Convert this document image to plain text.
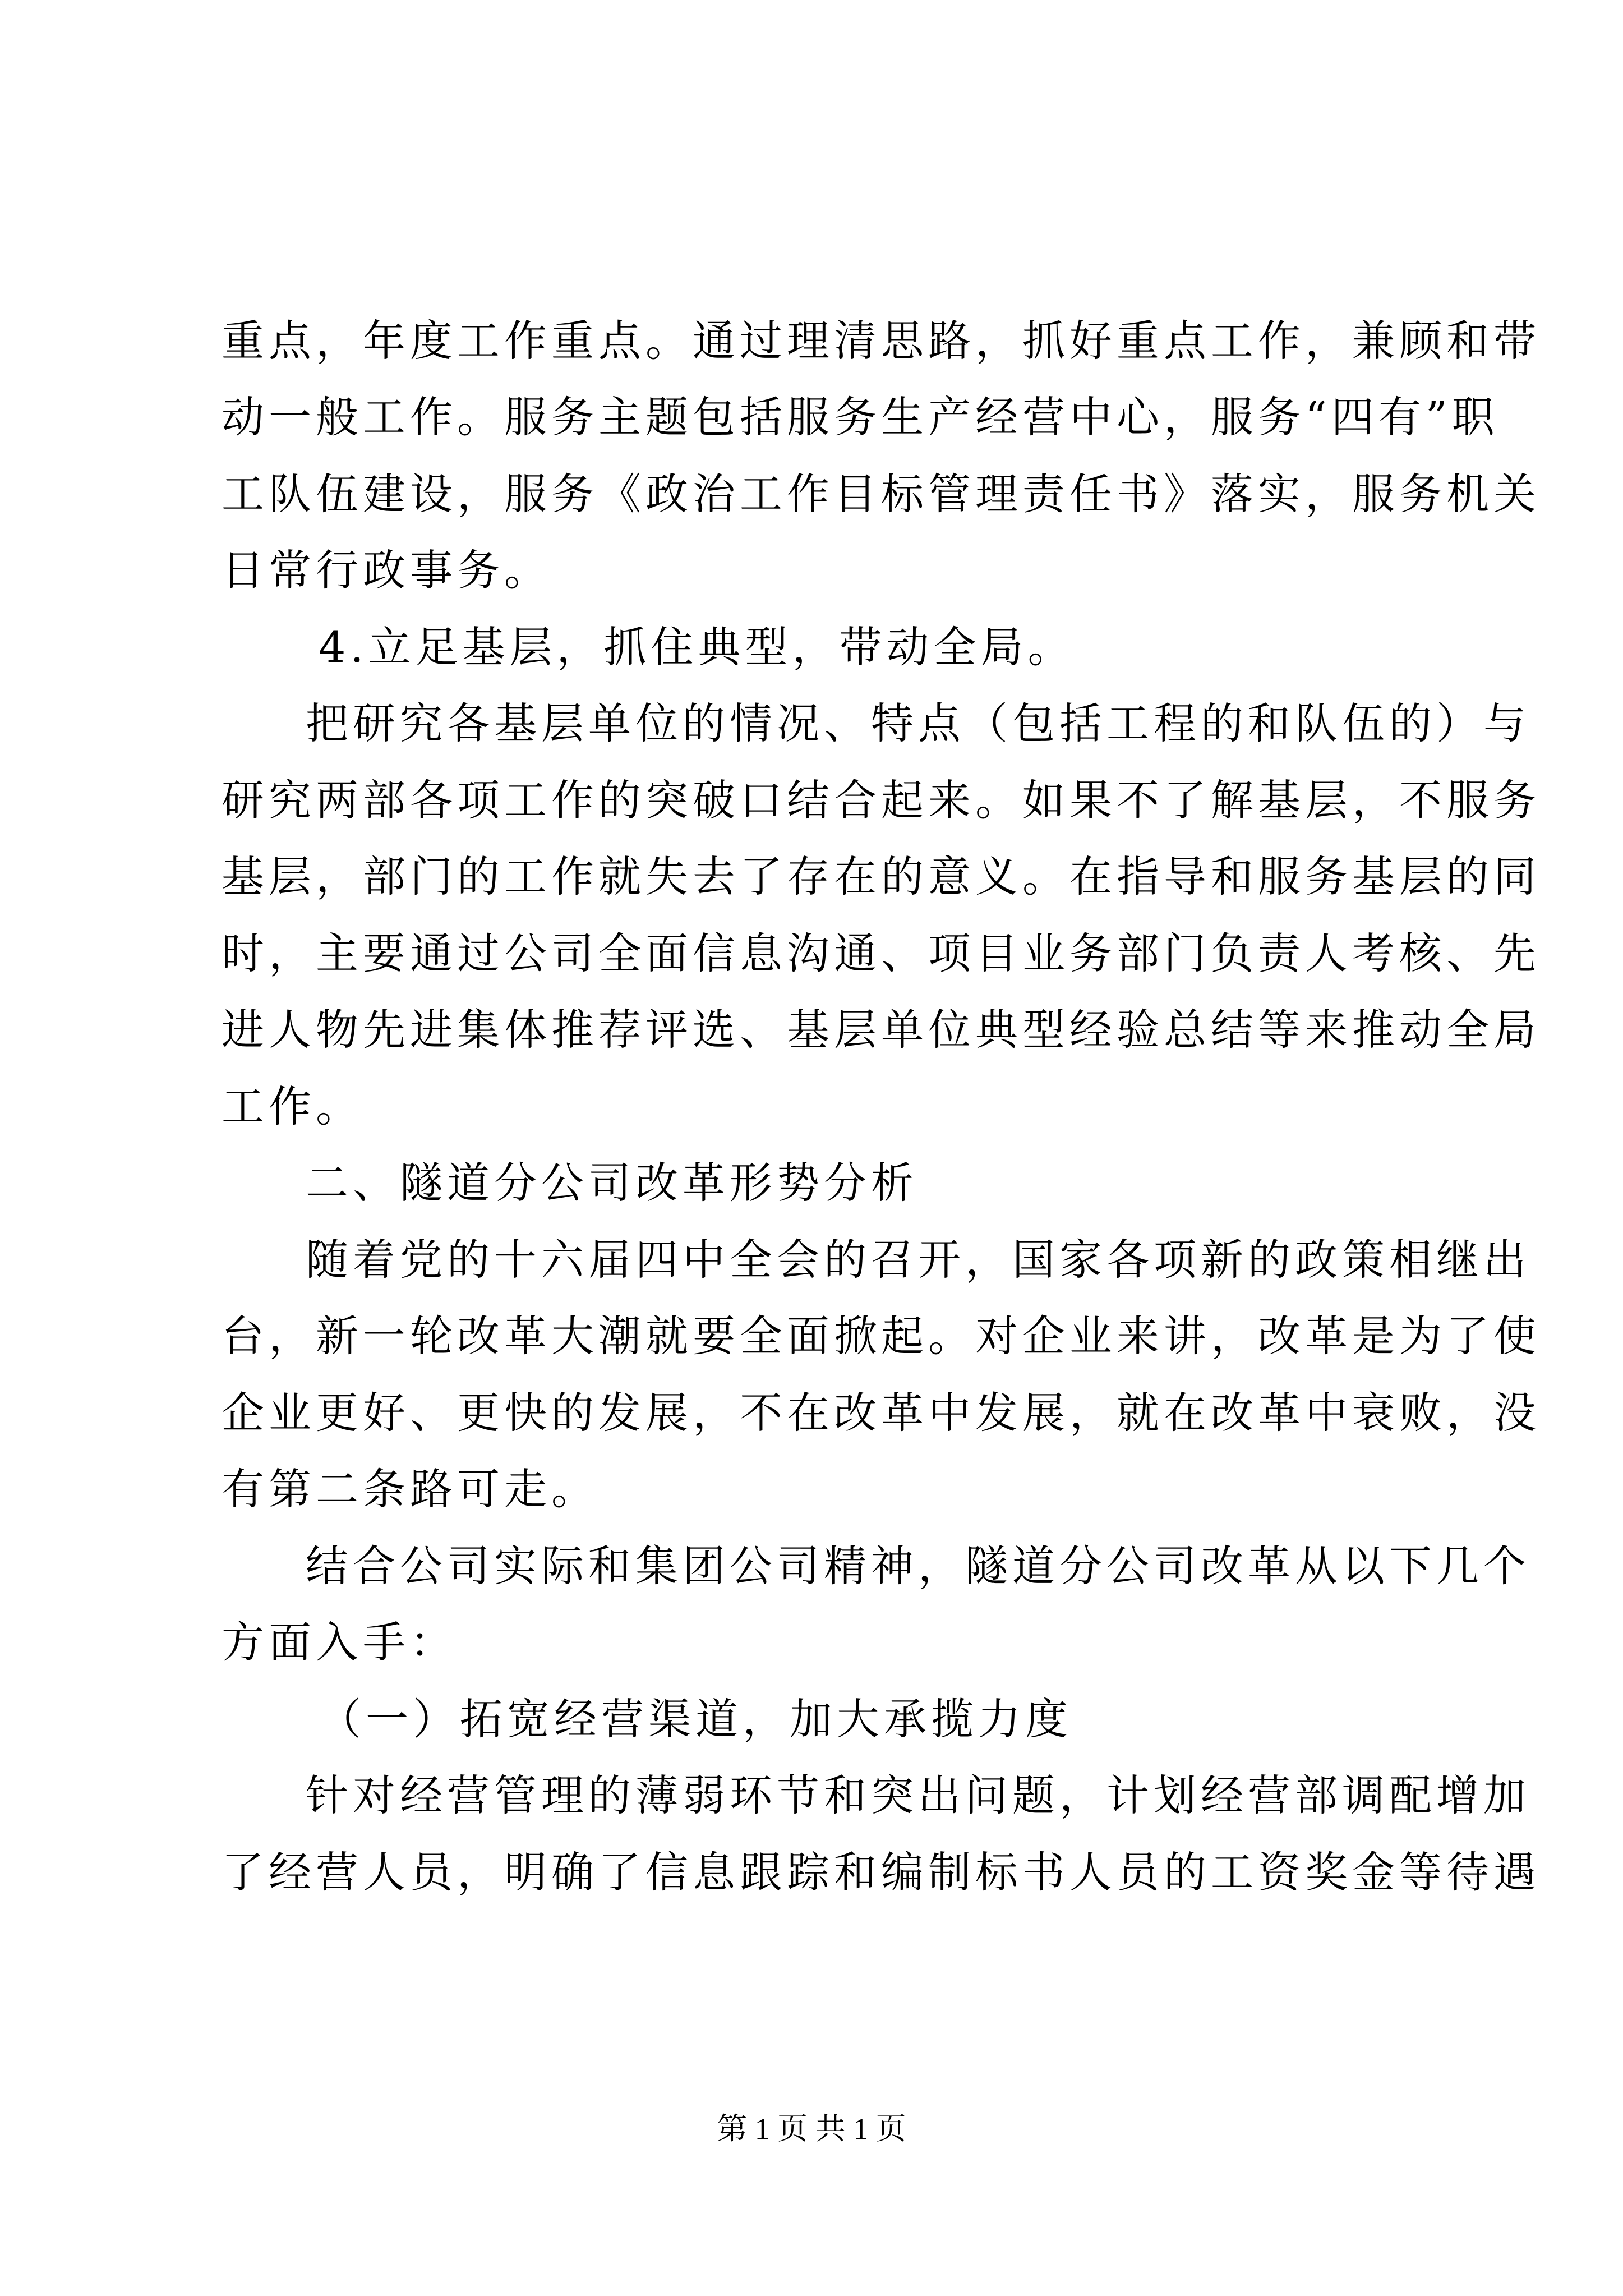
重点，年度工作重点。通过理清思路，抓好重点工作，兼顾和带
动一般工作。服务主题包括服务生产经营中心，服务“四有”职
工队伍建设，服务《政治工作目标管理责任书》落实，服务机关
日常行政事务。
4.立足基层，抓住典型，带动全局。
把研究各基层单位的情况、特点（包括工程的和队伍的）与
研究两部各项工作的突破口结合起来。如果不了解基层，不服务
基层，部门的工作就失去了存在的意义。在指导和服务基层的同
时，主要通过公司全面信息沟通、项目业务部门负责人考核、先
进人物先进集体推荐评选、基层单位典型经验总结等来推动全局
工作。
二、隧道分公司改革形势分析
随着党的十六届四中全会的召开，国家各项新的政策相继出
台，新一轮改革大潮就要全面掀起。对企业来讲，改革是为了使
企业更好、更快的发展，不在改革中发展，就在改革中衰败，没
有第二条路可走。
结合公司实际和集团公司精神，隧道分公司改革从以下几个
方面入手：
（一）拓宽经营渠道，加大承揽力度
针对经营管理的薄弱环节和突出问题，计划经营部调配增加
了经营人员，明确了信息跟踪和编制标书人员的工资奖金等待遇
第 1 页 共 1 页
